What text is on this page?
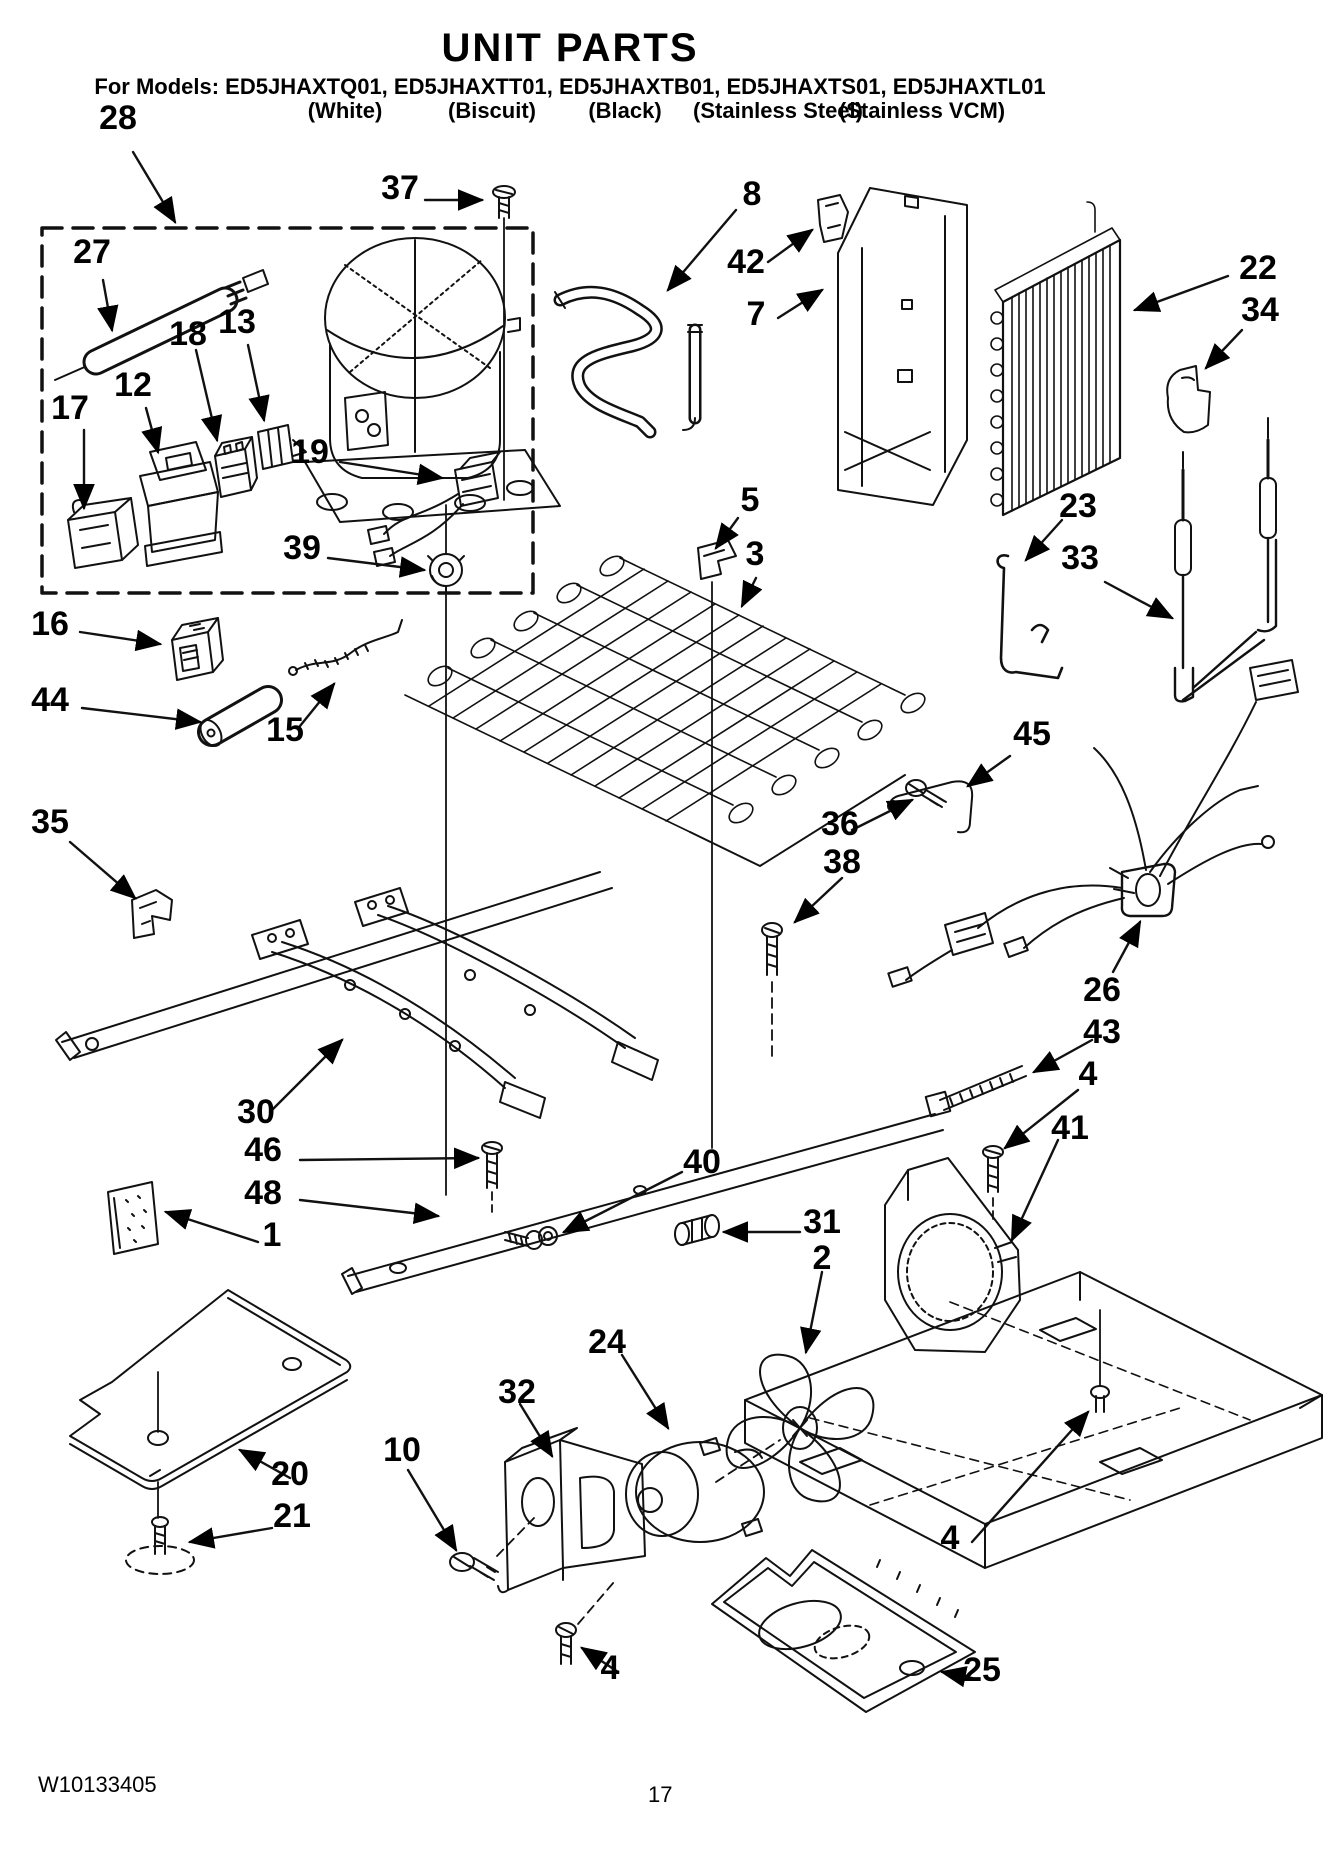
UNIT PARTS
For Models: ED5JHAXTQ01, ED5JHAXTT01, ED5JHAXTB01, ED5JHAXTS01, ED5JHAXTL01
(White)	(Biscuit) (Black) (Stainless Steel)
(Stainless VCM)
28
27
37	8
42
7
22
34
18 13
12
17
19
39
5
3
23
33
16
44
15
35
45
36
38
26
43
4
41
30
46
48
1
40
31
2
24
32
20
21
10
4	25
4
W10133405	17
